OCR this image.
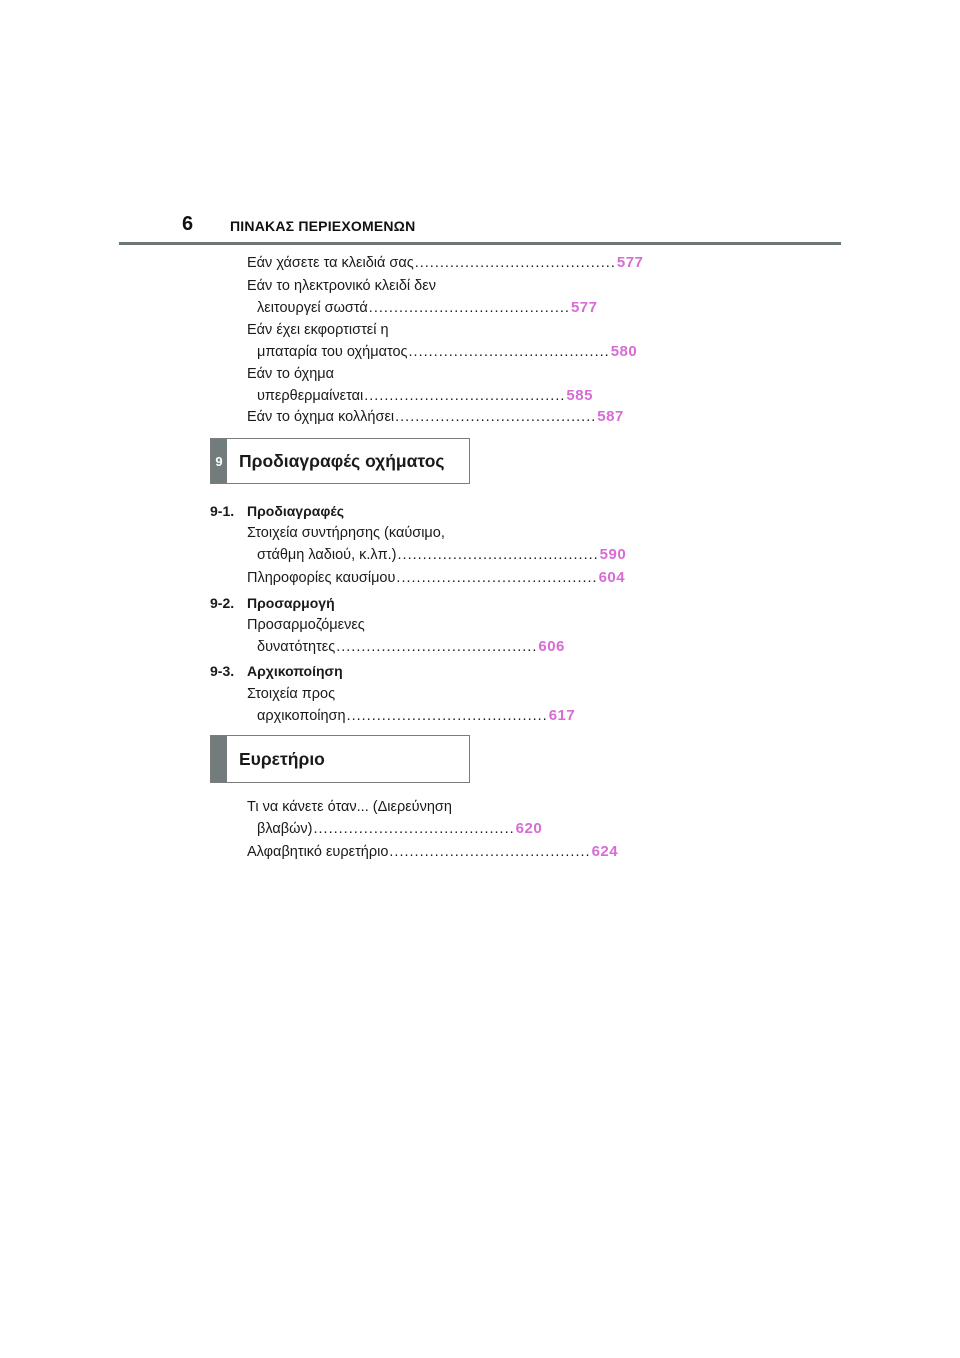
6	ΠΙΝΑΚΑΣ ΠΕΡΙΕΧΟΜΕΝΩΝ
Εάν χάσετε τα κλειδιά σας ........................................ 577
Εάν το ηλεκτρονικό κλειδί δεν
λειτουργεί σωστά ........................................ 577
Εάν έχει εκφορτιστεί η
μπαταρία του οχήματος ........................................ 580
Εάν το όχημα
υπερθερμαίνεται ........................................ 585
Εάν το όχημα κολλήσει ........................................ 587
9 Προδιαγραφές οχήματος
9-1. Προδιαγραφές
Στοιχεία συντήρησης (καύσιμο,
στάθμη λαδιού, κ.λπ.) ........................................ 590
Πληροφορίες καυσίμου ........................................ 604
9-2. Προσαρμογή
Προσαρμοζόμενες
δυνατότητες ........................................ 606
9-3. Αρχικοποίηση
Στοιχεία προς
αρχικοποίηση ........................................ 617
Ευρετήριο
Τι να κάνετε όταν... (Διερεύνηση
βλαβών) ........................................ 620
Αλφαβητικό ευρετήριο ........................................ 624
